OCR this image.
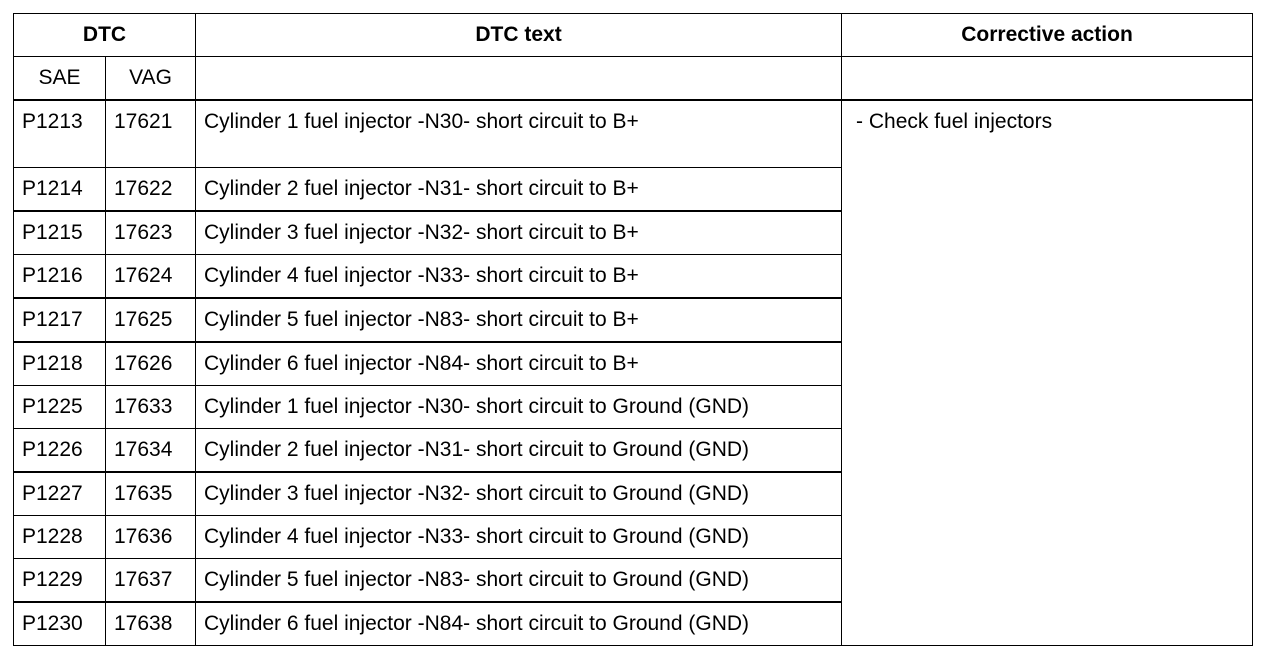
DTC		DTC text	Corrective action
SAE	VAG		
P1213	17621	Cylinder 1 fuel injector -N30- short circuit to B+	- Check fuel injectors
P1214	17622	Cylinder 2 fuel injector -N31- short circuit to B+	
P1215	17623	Cylinder 3 fuel injector -N32- short circuit to B+	
P1216	17624	Cylinder 4 fuel injector -N33- short circuit to B+	
P1217	17625	Cylinder 5 fuel injector -N83- short circuit to B+	
P1218	17626	Cylinder 6 fuel injector -N84- short circuit to B+	
P1225	17633	Cylinder 1 fuel injector -N30- short circuit to Ground (GND)	
P1226	17634	Cylinder 2 fuel injector -N31- short circuit to Ground (GND)	
P1227	17635	Cylinder 3 fuel injector -N32- short circuit to Ground (GND)	
P1228	17636	Cylinder 4 fuel injector -N33- short circuit to Ground (GND)	
P1229	17637	Cylinder 5 fuel injector -N83- short circuit to Ground (GND)	
P1230	17638	Cylinder 6 fuel injector -N84- short circuit to Ground (GND)	
